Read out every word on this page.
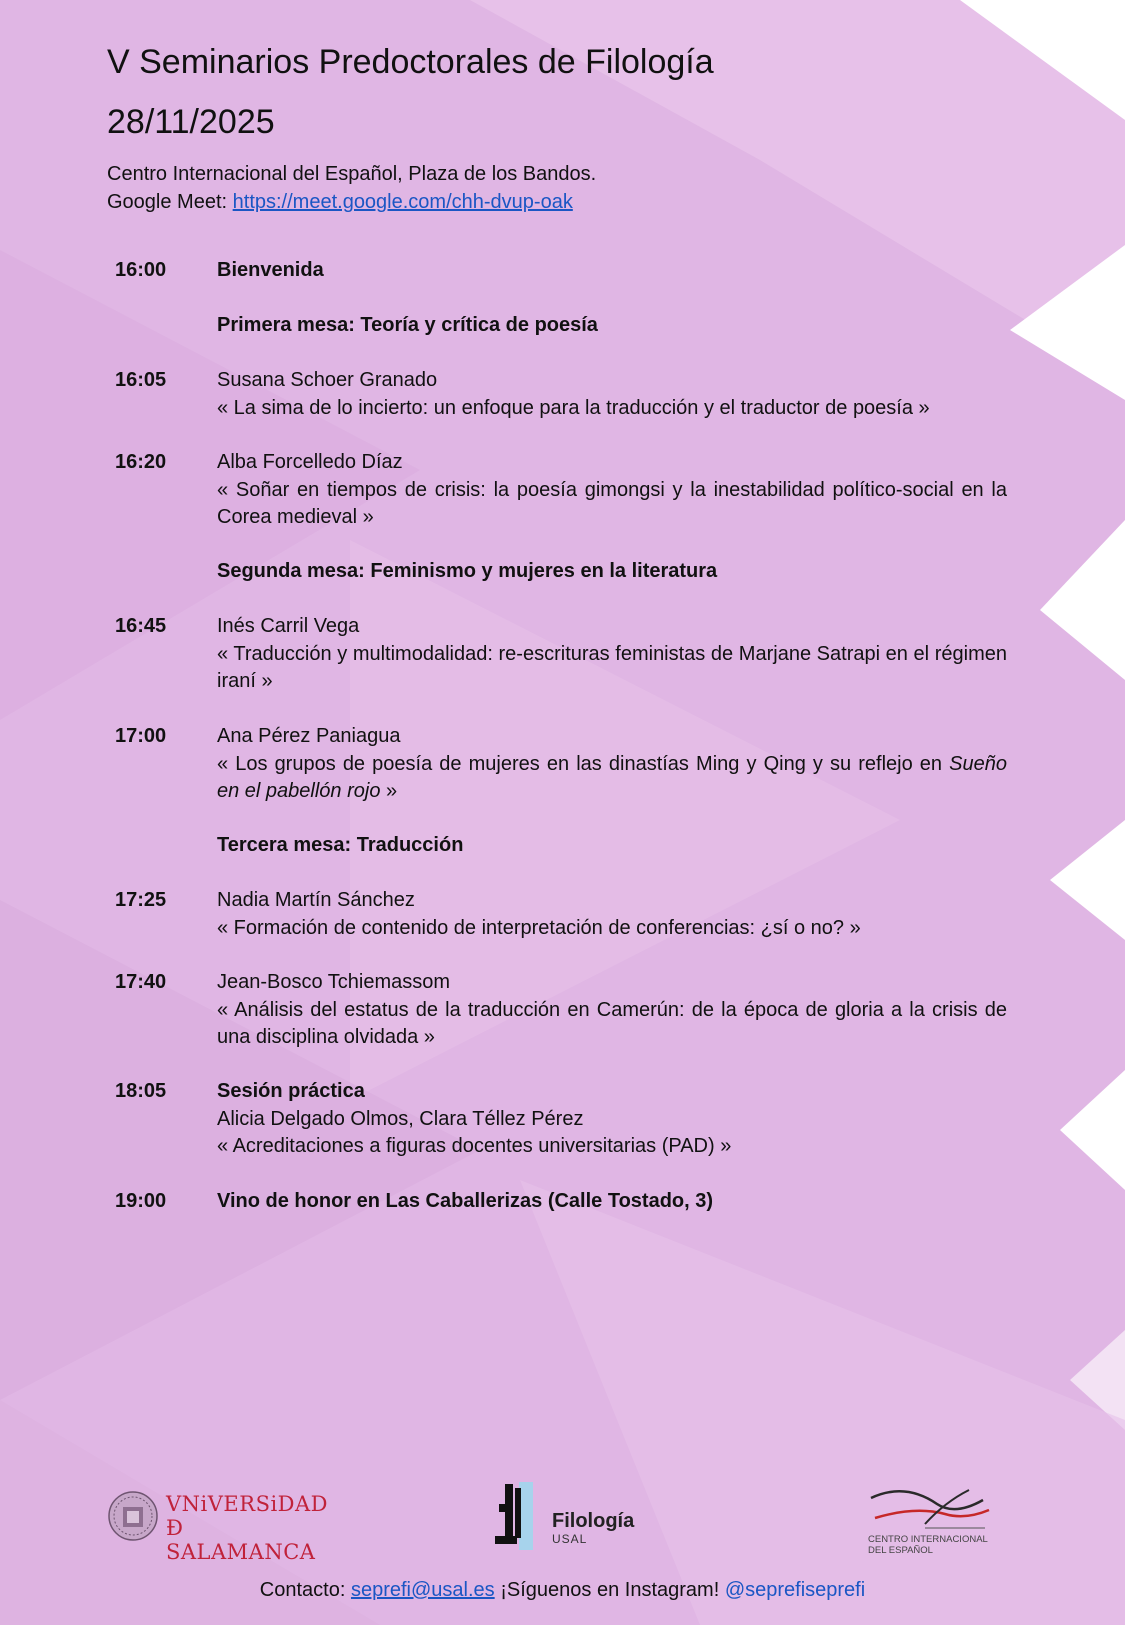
V Seminarios Predoctorales de Filología
28/11/2025
Centro Internacional del Español, Plaza de los Bandos.
Google Meet: https://meet.google.com/chh-dvup-oak
16:00	Bienvenida
Primera mesa: Teoría y crítica de poesía
16:05	Susana Schoer Granado
« La sima de lo incierto: un enfoque para la traducción y el traductor de poesía »
16:20	Alba Forcelledo Díaz
« Soñar en tiempos de crisis: la poesía gimongsi y la inestabilidad político-social en la Corea medieval »
Segunda mesa: Feminismo y mujeres en la literatura
16:45	Inés Carril Vega
« Traducción y multimodalidad: re-escrituras feministas de Marjane Satrapi en el régimen iraní »
17:00	Ana Pérez Paniagua
« Los grupos de poesía de mujeres en las dinastías Ming y Qing y su reflejo en Sueño en el pabellón rojo »
Tercera mesa: Traducción
17:25	Nadia Martín Sánchez
« Formación de contenido de interpretación de conferencias: ¿sí o no? »
17:40	Jean-Bosco Tchiemassom
« Análisis del estatus de la traducción en Camerún: de la época de gloria a la crisis de una disciplina olvidada »
18:05	Sesión práctica
Alicia Delgado Olmos, Clara Téllez Pérez
« Acreditaciones a figuras docentes universitarias (PAD) »
19:00	Vino de honor en Las Caballerizas (Calle Tostado, 3)
VNiVERSiDAD
Đ SALAMANCA
Filología
USAL	CENTRO INTERNACIONAL
DEL ESPAÑOL
Contacto: seprefi@usal.es ¡Síguenos en Instagram! @seprefiseprefi
